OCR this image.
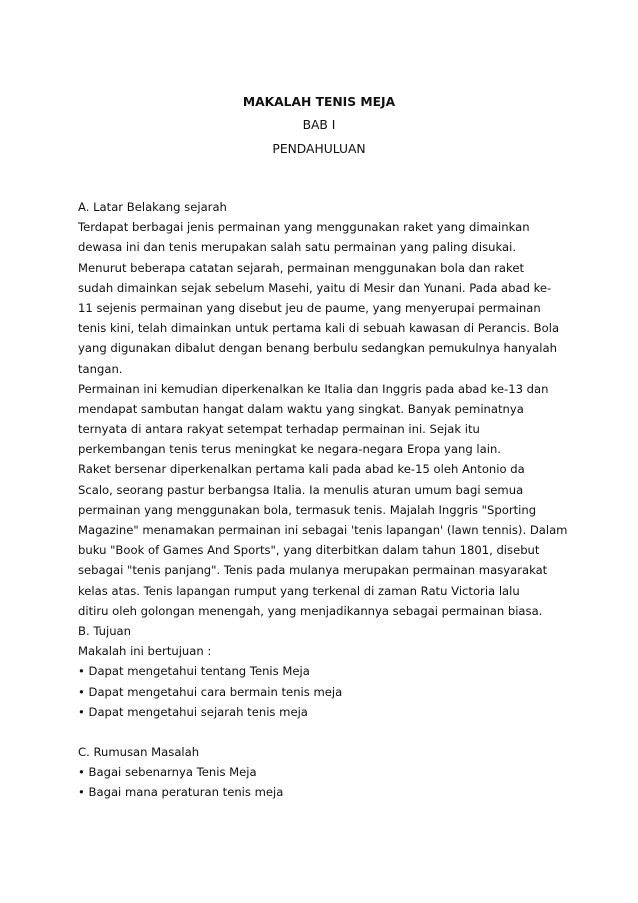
MAKALAH TENIS MEJA
BAB I
PENDAHULUAN
A. Latar Belakang sejarah
Terdapat berbagai jenis permainan yang menggunakan raket yang dimainkan
dewasa ini dan tenis merupakan salah satu permainan yang paling disukai.
Menurut beberapa catatan sejarah, permainan menggunakan bola dan raket
sudah dimainkan sejak sebelum Masehi, yaitu di Mesir dan Yunani. Pada abad ke-
11 sejenis permainan yang disebut jeu de paume, yang menyerupai permainan
tenis kini, telah dimainkan untuk pertama kali di sebuah kawasan di Perancis. Bola
yang digunakan dibalut dengan benang berbulu sedangkan pemukulnya hanyalah
tangan.
Permainan ini kemudian diperkenalkan ke Italia dan Inggris pada abad ke-13 dan
mendapat sambutan hangat dalam waktu yang singkat. Banyak peminatnya
ternyata di antara rakyat setempat terhadap permainan ini. Sejak itu
perkembangan tenis terus meningkat ke negara-negara Eropa yang lain.
Raket bersenar diperkenalkan pertama kali pada abad ke-15 oleh Antonio da
Scalo, seorang pastur berbangsa Italia. Ia menulis aturan umum bagi semua
permainan yang menggunakan bola, termasuk tenis. Majalah Inggris "Sporting
Magazine" menamakan permainan ini sebagai 'tenis lapangan' (lawn tennis). Dalam
buku "Book of Games And Sports", yang diterbitkan dalam tahun 1801, disebut
sebagai "tenis panjang". Tenis pada mulanya merupakan permainan masyarakat
kelas atas. Tenis lapangan rumput yang terkenal di zaman Ratu Victoria lalu
ditiru oleh golongan menengah, yang menjadikannya sebagai permainan biasa.
B. Tujuan
Makalah ini bertujuan :
• Dapat mengetahui tentang Tenis Meja
• Dapat mengetahui cara bermain tenis meja
• Dapat mengetahui sejarah tenis meja
C. Rumusan Masalah
• Bagai sebenarnya Tenis Meja
• Bagai mana peraturan tenis meja
